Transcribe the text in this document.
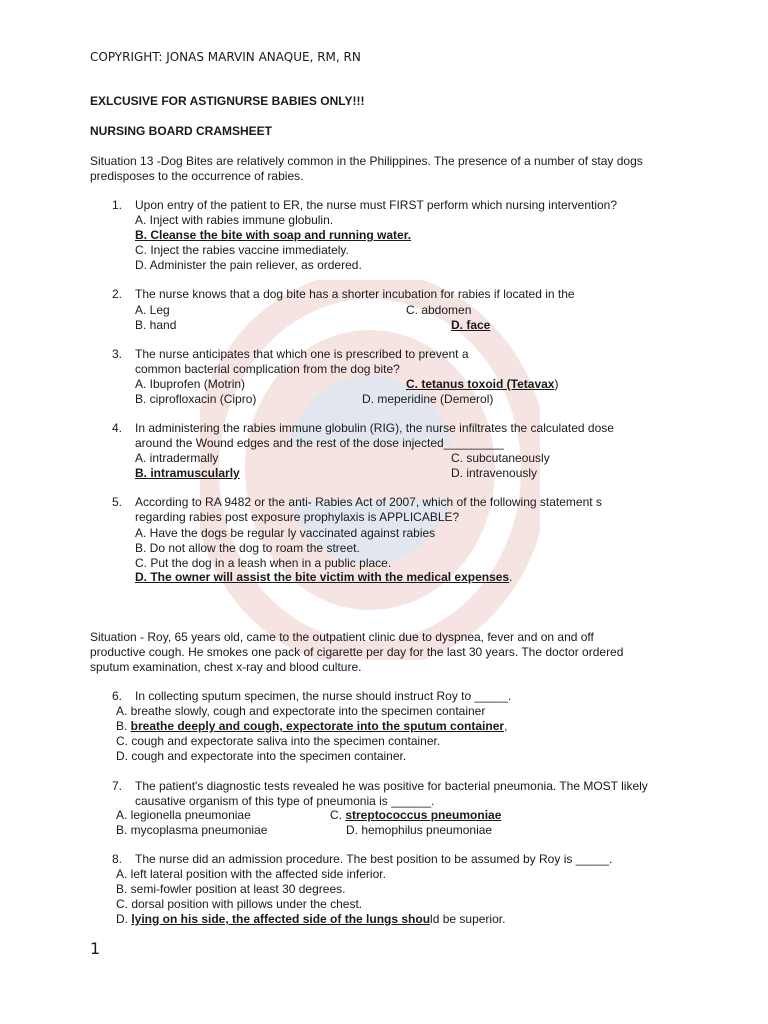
COPYRIGHT: JONAS MARVIN ANAQUE, RM, RN
EXLCUSIVE FOR ASTIGNURSE BABIES ONLY!!!
NURSING BOARD CRAMSHEET
Situation 13 -Dog Bites are relatively common in the Philippines. The presence of a number of stay dogs
predisposes to the occurrence of rabies.
1. Upon entry of the patient to ER, the nurse must FIRST perform which nursing intervention?
A. Inject with rabies immune globulin.
B. Cleanse the bite with soap and running water.
C. Inject the rabies vaccine immediately.
D. Administer the pain reliever, as ordered.
2. The nurse knows that a dog bite has a shorter incubation for rabies if located in the
A. Leg	C. abdomen
B. hand	D. face
3. The nurse anticipates that which one is prescribed to prevent a
common bacterial complication from the dog bite?
A. Ibuprofen (Motrin)	C. tetanus toxoid (Tetavax)
B. ciprofloxacin (Cipro)	D. meperidine (Demerol)
4. In administering the rabies immune globulin (RIG), the nurse infiltrates the calculated dose
around the Wound edges and the rest of the dose injected_________
A. intradermally	C. subcutaneously
B. intramuscularly	D. intravenously
5. According to RA 9482 or the anti- Rabies Act of 2007, which of the following statement s
regarding rabies post exposure prophylaxis is APPLICABLE?
A. Have the dogs be regular ly vaccinated against rabies
B. Do not allow the dog to roam the street.
C. Put the dog in a leash when in a public place.
D. The owner will assist the bite victim with the medical expenses.
Situation - Roy, 65 years old, came to the outpatient clinic due to dyspnea, fever and on and off
productive cough. He smokes one pack of cigarette per day for the last 30 years. The doctor ordered
sputum examination, chest x-ray and blood culture.
6. In collecting sputum specimen, the nurse should instruct Roy to _____.
A. breathe slowly, cough and expectorate into the specimen container
B. breathe deeply and cough, expectorate into the sputum container,
C. cough and expectorate saliva into the specimen container.
D. cough and expectorate into the specimen container.
7. The patient's diagnostic tests revealed he was positive for bacterial pneumonia. The MOST likely
causative organism of this type of pneumonia is ______.
A. legionella pneumoniae	C. streptococcus pneumoniae
B. mycoplasma pneumoniae	D. hemophilus pneumoniae
8. The nurse did an admission procedure. The best position to be assumed by Roy is _____.
A. left lateral position with the affected side inferior.
B. semi-fowler position at least 30 degrees.
C. dorsal position with pillows under the chest.
D. lying on his side, the affected side of the lungs should be superior.
1
